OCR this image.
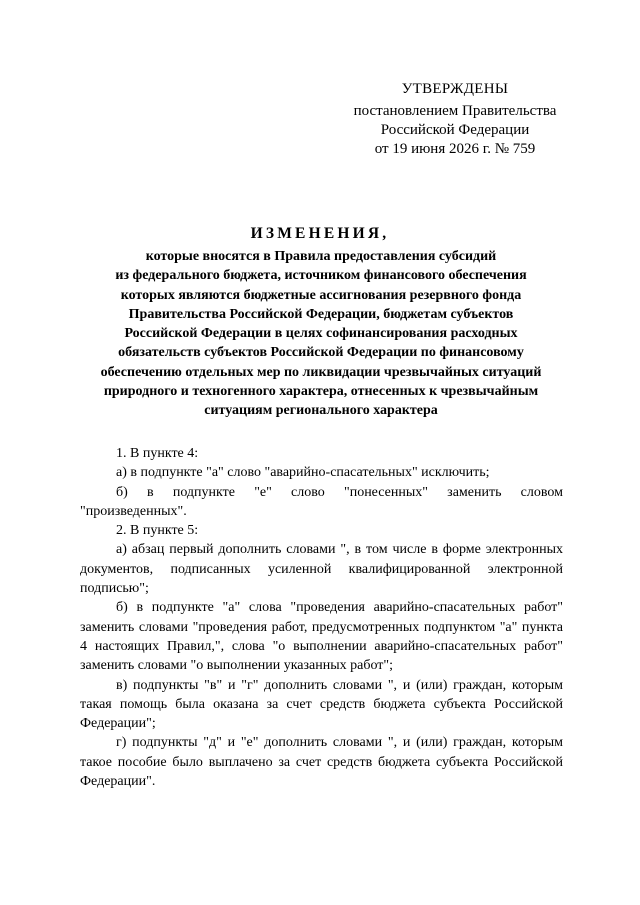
УТВЕРЖДЕНЫ
постановлением Правительства
Российской Федерации
от 19 июня 2026 г. № 759
ИЗМЕНЕНИЯ,
которые вносятся в Правила предоставления субсидий
из федерального бюджета, источником финансового обеспечения
которых являются бюджетные ассигнования резервного фонда
Правительства Российской Федерации, бюджетам субъектов
Российской Федерации в целях софинансирования расходных
обязательств субъектов Российской Федерации по финансовому
обеспечению отдельных мер по ликвидации чрезвычайных ситуаций
природного и техногенного характера, отнесенных к чрезвычайным
ситуациям регионального характера

1. В пункте 4:

а) в подпункте "а" слово "аварийно-спасательных" исключить;

б) в подпункте "е" слово "понесенных" заменить словом "произведенных".

2. В пункте 5:

а) абзац первый дополнить словами ", в том числе в форме электронных документов, подписанных усиленной квалифицированной электронной подписью";

б) в подпункте "а" слова "проведения аварийно-спасательных работ" заменить словами "проведения работ, предусмотренных подпунктом "а" пункта 4 настоящих Правил,", слова "о выполнении аварийно-спасательных работ" заменить словами "о выполнении указанных работ";

в) подпункты "в" и "г" дополнить словами ", и (или) граждан, которым такая помощь была оказана за счет средств бюджета субъекта Российской Федерации";

г) подпункты "д" и "е" дополнить словами ", и (или) граждан, которым такое пособие было выплачено за счет средств бюджета субъекта Российской Федерации".
